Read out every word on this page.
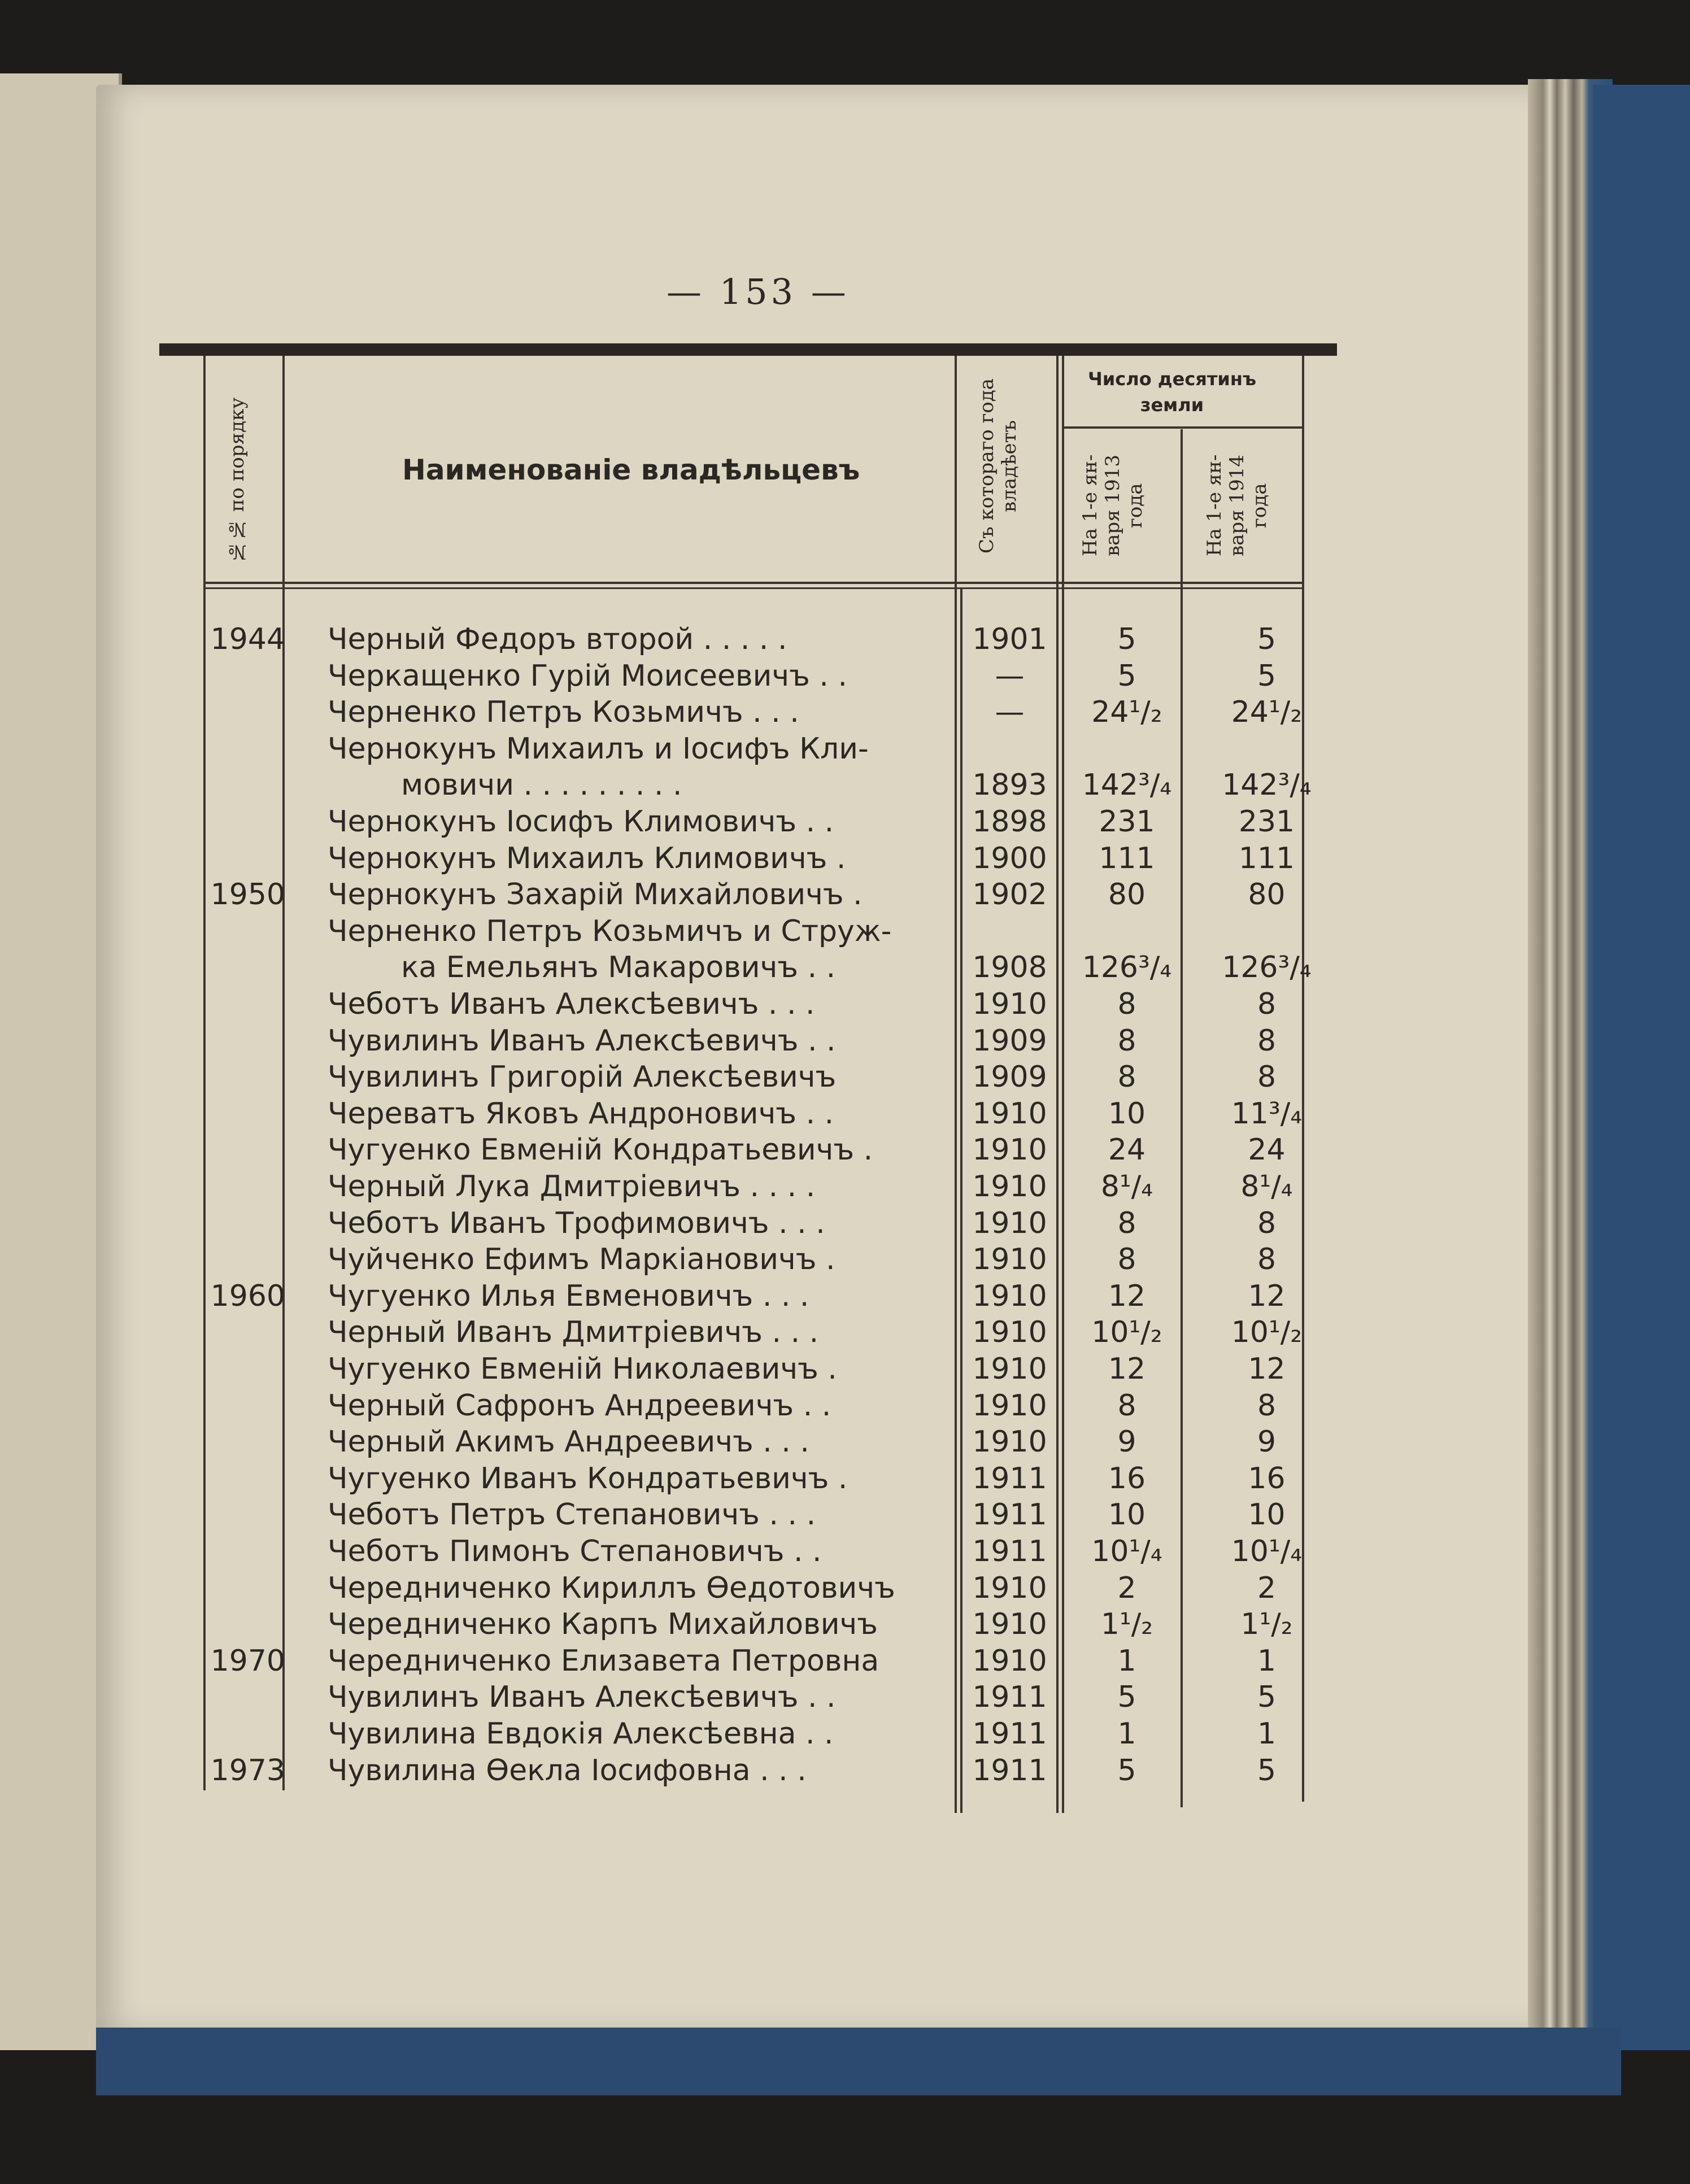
— 153 —
№№ по порядку	Наименованіе владѣльцевъ	Съ котораго года владѣетъ
Число десятинъ земли
На 1-е ян-варя 1913 года	На 1-е ян-варя 1914 года
1944 Черный Федоръ второй . . . . .	1901	5	5
Черкащенко Гурій Моисеевичъ . .	—	5	5
Черненко Петръ Козьмичъ . . .	—	24¹/₂	24¹/₂
Чернокунъ Михаилъ и Іосифъ Кли-
мовичи . . . . . . . . .	1893	142³/₄	142³/₄
Чернокунъ Іосифъ Климовичъ . .	1898	231	231
Чернокунъ Михаилъ Климовичъ .	1900	111	111
1950 Чернокунъ Захарій Михайловичъ .	1902	80	80
Черненко Петръ Козьмичъ и Струж-
ка Емельянъ Макаровичъ . .	1908	126³/₄	126³/₄
Чеботъ Иванъ Алексѣевичъ . . .	1910	8	8
Чувилинъ Иванъ Алексѣевичъ . .	1909	8	8
Чувилинъ Григорій Алексѣевичъ	1909	8	8
Череватъ Яковъ Андроновичъ . .	1910	10	11³/₄
Чугуенко Евменій Кондратьевичъ .	1910	24	24
Черный Лука Дмитріевичъ . . . .	1910	8¹/₄	8¹/₄
Чеботъ Иванъ Трофимовичъ . . .	1910	8	8
Чуйченко Ефимъ Маркіановичъ .	1910	8	8
1960 Чугуенко Илья Евменовичъ . . .	1910	12	12
Черный Иванъ Дмитріевичъ . . .	1910	10¹/₂	10¹/₂
Чугуенко Евменій Николаевичъ .	1910	12	12
Черный Сафронъ Андреевичъ . .	1910	8	8
Черный Акимъ Андреевичъ . . .	1910	9	9
Чугуенко Иванъ Кондратьевичъ .	1911	16	16
Чеботъ Петръ Степановичъ . . .	1911	10	10
Чеботъ Пимонъ Степановичъ . .	1911	10¹/₄	10¹/₄
Чередниченко Кириллъ Өедотовичъ	1910	2	2
Чередниченко Карпъ Михайловичъ	1910	1¹/₂	1¹/₂
1970 Чередниченко Елизавета Петровна	1910	1	1
Чувилинъ Иванъ Алексѣевичъ . .	1911	5	5
Чувилина Евдокія Алексѣевна . .	1911	1	1
1973 Чувилина Өекла Іосифовна . . .	1911	5	5
